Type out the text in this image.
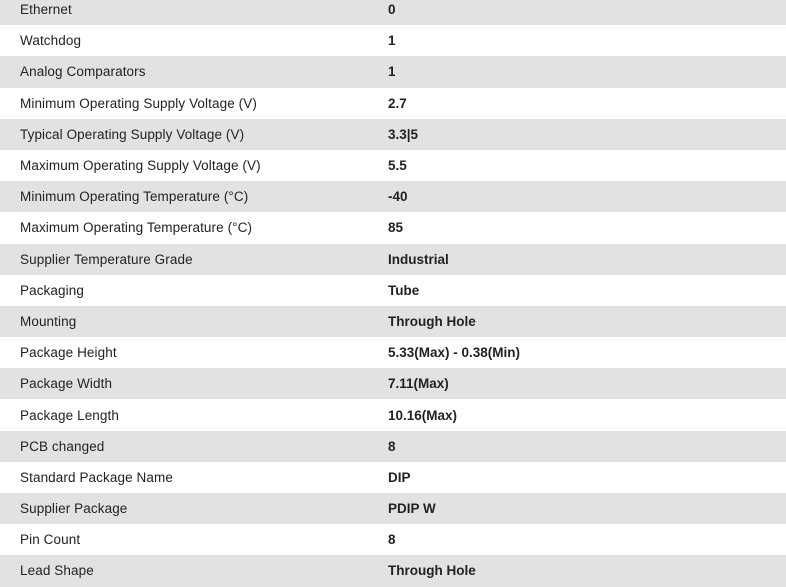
Ethernet	0
Watchdog	1
Analog Comparators	1
Minimum Operating Supply Voltage (V)	2.7
Typical Operating Supply Voltage (V)	3.3|5
Maximum Operating Supply Voltage (V)	5.5
Minimum Operating Temperature (°C)	-40
Maximum Operating Temperature (°C)	85
Supplier Temperature Grade	Industrial
Packaging	Tube
Mounting	Through Hole
Package Height	5.33(Max) - 0.38(Min)
Package Width	7.11(Max)
Package Length	10.16(Max)
PCB changed	8
Standard Package Name	DIP
Supplier Package	PDIP W
Pin Count	8
Lead Shape	Through Hole
